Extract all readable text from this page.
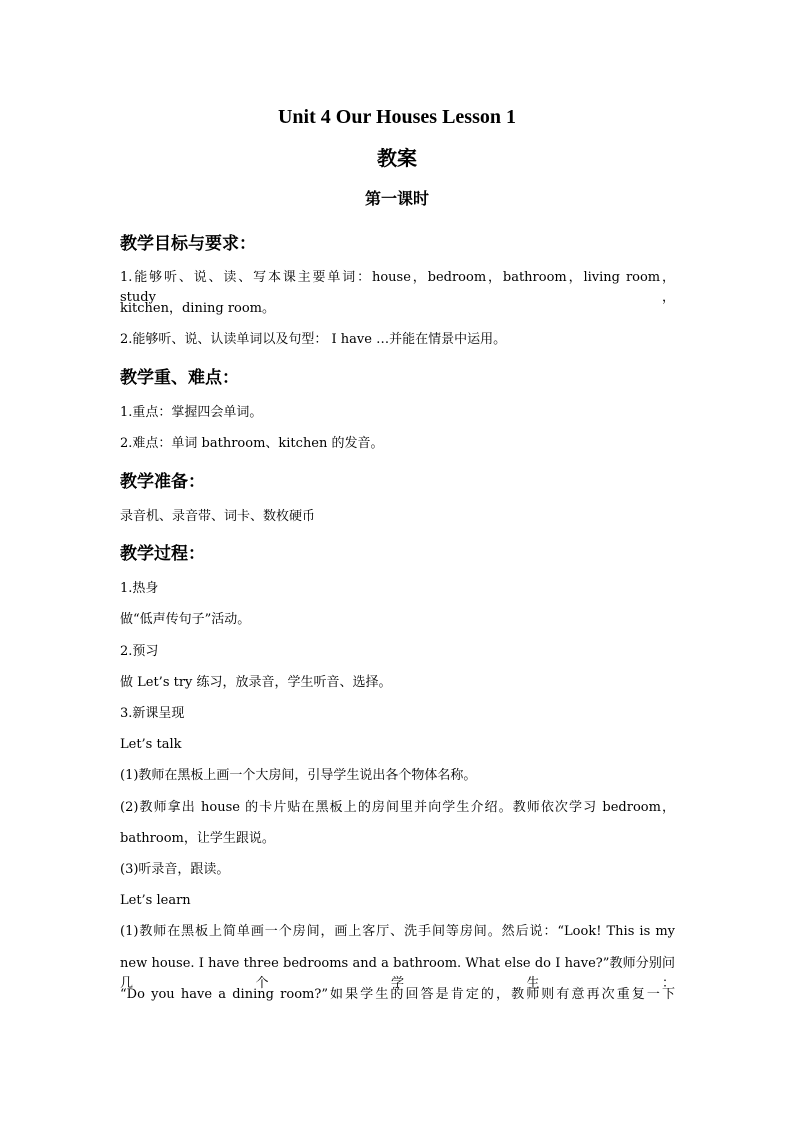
Unit 4 Our Houses Lesson 1
教案
第一课时
教学目标与要求：
1.能够听、说、读、写本课主要单词：house，bedroom，bathroom，living room，study，
kitchen，dining room。
2.能够听、说、认读单词以及句型： I have …并能在情景中运用。
教学重、难点：
1.重点：掌握四会单词。
2.难点：单词 bathroom、kitchen 的发音。
教学准备：
录音机、录音带、词卡、数枚硬币
教学过程：
1.热身
做“低声传句子”活动。
2.预习
做 Let’s try 练习，放录音，学生听音、选择。
3.新课呈现
Let’s talk
(1)教师在黑板上画一个大房间，引导学生说出各个物体名称。
(2)教师拿出 house 的卡片贴在黑板上的房间里并向学生介绍。教师依次学习 bedroom，
bathroom，让学生跟说。
(3)听录音，跟读。
Let’s learn
(1)教师在黑板上简单画一个房间，画上客厅、洗手间等房间。然后说：“Look! This is my
new house. I have three bedrooms and a bathroom. What else do I have?”教师分别问几个学生：
“Do you have a dining room?”如果学生的回答是肯定的，教师则有意再次重复一下
